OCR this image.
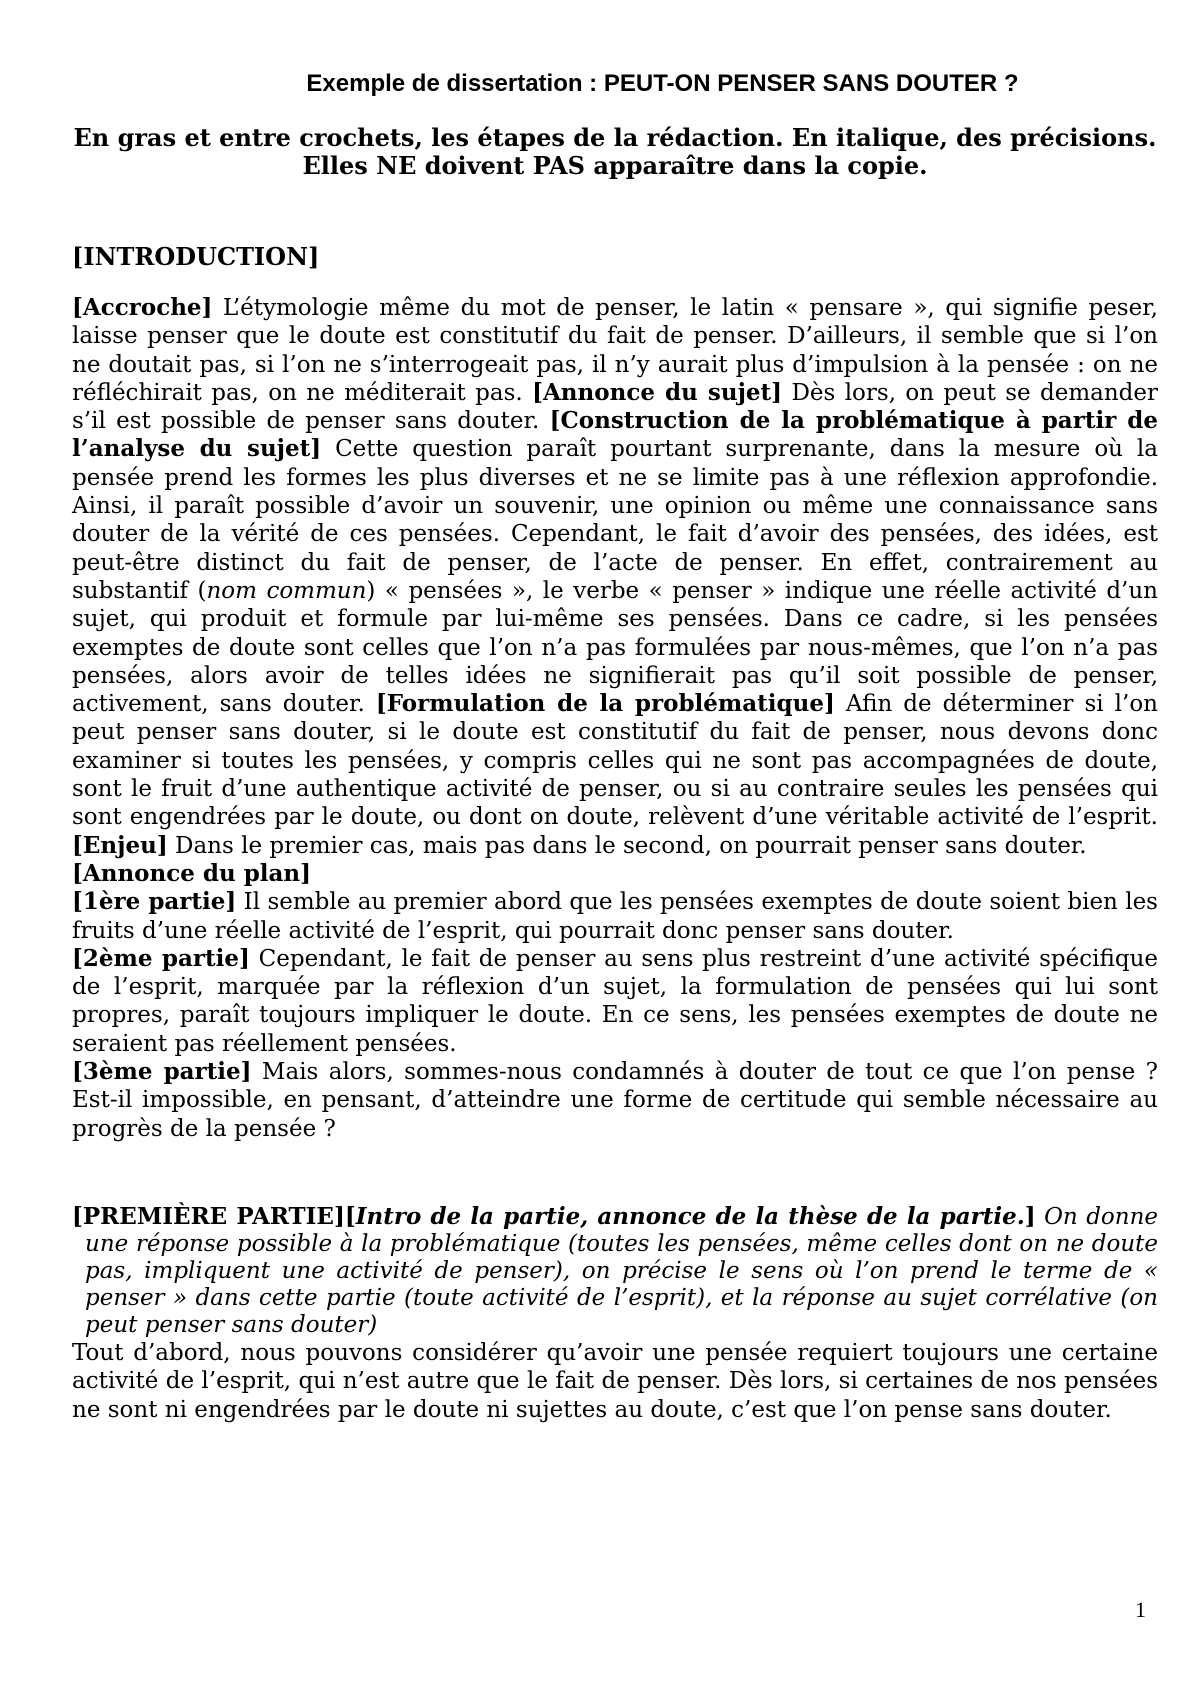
Exemple de dissertation : PEUT-ON PENSER SANS DOUTER ?
En gras et entre crochets, les étapes de la rédaction. En italique, des précisions.
Elles NE doivent PAS apparaître dans la copie.
[INTRODUCTION]

[Accroche] L’étymologie même du mot de penser, le latin « pensare », qui signifie peser, laisse penser que le doute est constitutif du fait de penser. D’ailleurs, il semble que si l’on ne doutait pas, si l’on ne s’interrogeait pas, il n’y aurait plus d’impulsion à la pensée : on ne réfléchirait pas, on ne méditerait pas. [Annonce du sujet] Dès lors, on peut se demander s’il est possible de penser sans douter. [Construction de la problématique à partir de l’analyse du sujet] Cette question paraît pourtant surprenante, dans la mesure où la pensée prend les formes les plus diverses et ne se limite pas à une réflexion approfondie. Ainsi, il paraît possible d’avoir un souvenir, une opinion ou même une connaissance sans douter de la vérité de ces pensées. Cependant, le fait d’avoir des pensées, des idées, est peut-être distinct du fait de penser, de l’acte de penser. En effet, contrairement au substantif (nom commun) « pensées », le verbe « penser » indique une réelle activité d’un sujet, qui produit et formule par lui-même ses pensées. Dans ce cadre, si les pensées exemptes de doute sont celles que l’on n’a pas formulées par nous-mêmes, que l’on n’a pas pensées, alors avoir de telles idées ne signifierait pas qu’il soit possible de penser, activement, sans douter. [Formulation de la problématique] Afin de déterminer si l’on peut penser sans douter, si le doute est constitutif du fait de penser, nous devons donc examiner si toutes les pensées, y compris celles qui ne sont pas accompagnées de doute, sont le fruit d’une authentique activité de penser, ou si au contraire seules les pensées qui sont engendrées par le doute, ou dont on doute, relèvent d’une véritable activité de l’esprit. [Enjeu] Dans le premier cas, mais pas dans le second, on pourrait penser sans douter.

[Annonce du plan]

[1ère partie] Il semble au premier abord que les pensées exemptes de doute soient bien les fruits d’une réelle activité de l’esprit, qui pourrait donc penser sans douter.

[2ème partie] Cependant, le fait de penser au sens plus restreint d’une activité spécifique de l’esprit, marquée par la réflexion d’un sujet, la formulation de pensées qui lui sont propres, paraît toujours impliquer le doute. En ce sens, les pensées exemptes de doute ne seraient pas réellement pensées.

[3ème partie] Mais alors, sommes-nous condamnés à douter de tout ce que l’on pense ? Est-il impossible, en pensant, d’atteindre une forme de certitude qui semble nécessaire au progrès de la pensée ?

[PREMIÈRE PARTIE][Intro de la partie, annonce de la thèse de la partie.] On donne une réponse possible à la problématique (toutes les pensées, même celles dont on ne doute pas, impliquent une activité de penser), on précise le sens où l’on prend le terme de « penser » dans cette partie (toute activité de l’esprit), et la réponse au sujet corrélative (on peut penser sans douter)

Tout d’abord, nous pouvons considérer qu’avoir une pensée requiert toujours une certaine activité de l’esprit, qui n’est autre que le fait de penser. Dès lors, si certaines de nos pensées ne sont ni engendrées par le doute ni sujettes au doute, c’est que l’on pense sans douter.

1
